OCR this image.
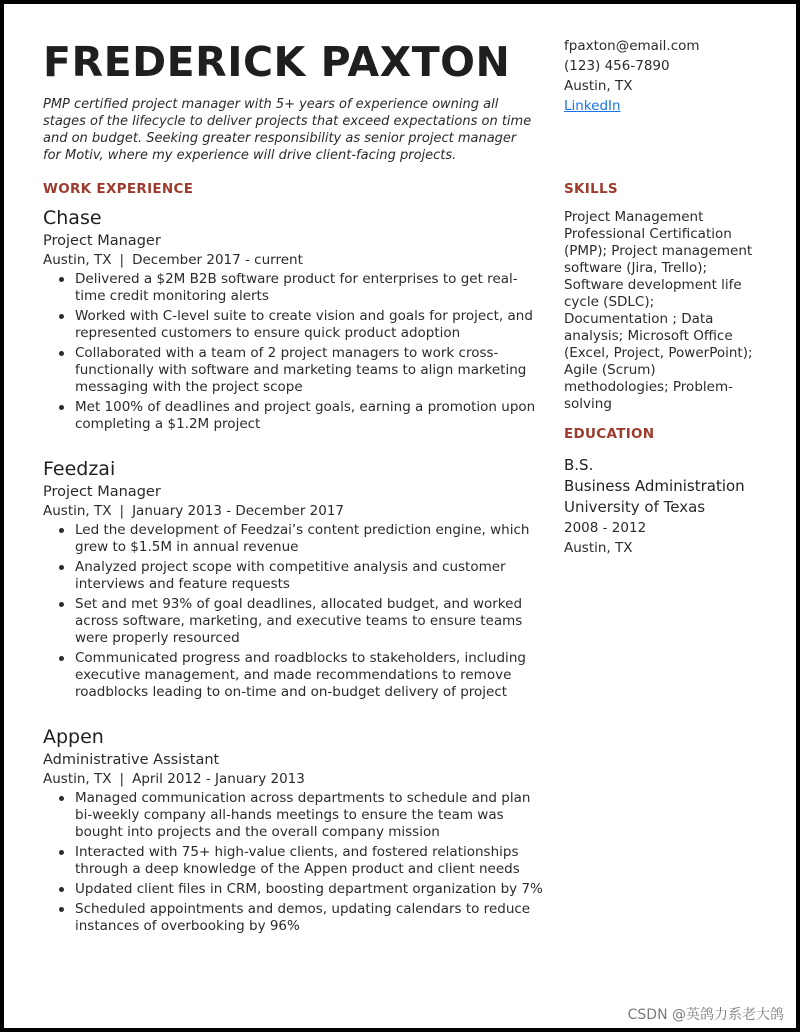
FREDERICK PAXTON
PMP certified project manager with 5+ years of experience owning all stages of the lifecycle to deliver projects that exceed expectations on time and on budget. Seeking greater responsibility as senior project manager for Motiv, where my experience will drive client-facing projects.
fpaxton@email.com
(123) 456-7890
Austin, TX
LinkedIn
WORK EXPERIENCE
Chase
Project Manager
Austin, TX | December 2017 - current
Delivered a $2M B2B software product for enterprises to get real-time credit monitoring alerts
Worked with C-level suite to create vision and goals for project, and represented customers to ensure quick product adoption
Collaborated with a team of 2 project managers to work cross-functionally with software and marketing teams to align marketing messaging with the project scope
Met 100% of deadlines and project goals, earning a promotion upon completing a $1.2M project
Feedzai
Project Manager
Austin, TX | January 2013 - December 2017
Led the development of Feedzai’s content prediction engine, which grew to $1.5M in annual revenue
Analyzed project scope with competitive analysis and customer interviews and feature requests
Set and met 93% of goal deadlines, allocated budget, and worked across software, marketing, and executive teams to ensure teams were properly resourced
Communicated progress and roadblocks to stakeholders, including executive management, and made recommendations to remove roadblocks leading to on-time and on-budget delivery of project
Appen
Administrative Assistant
Austin, TX | April 2012 - January 2013
Managed communication across departments to schedule and plan bi-weekly company all-hands meetings to ensure the team was bought into projects and the overall company mission
Interacted with 75+ high-value clients, and fostered relationships through a deep knowledge of the Appen product and client needs
Updated client files in CRM, boosting department organization by 7%
Scheduled appointments and demos, updating calendars to reduce instances of overbooking by 96%
SKILLS
Project Management Professional Certification (PMP); Project management software (Jira, Trello); Software development life cycle (SDLC); Documentation ; Data analysis; Microsoft Office (Excel, Project, PowerPoint); Agile (Scrum) methodologies; Problem-solving
EDUCATION
B.S.
Business Administration
University of Texas
2008 - 2012
Austin, TX
CSDN @英鸽力系老大鸽
